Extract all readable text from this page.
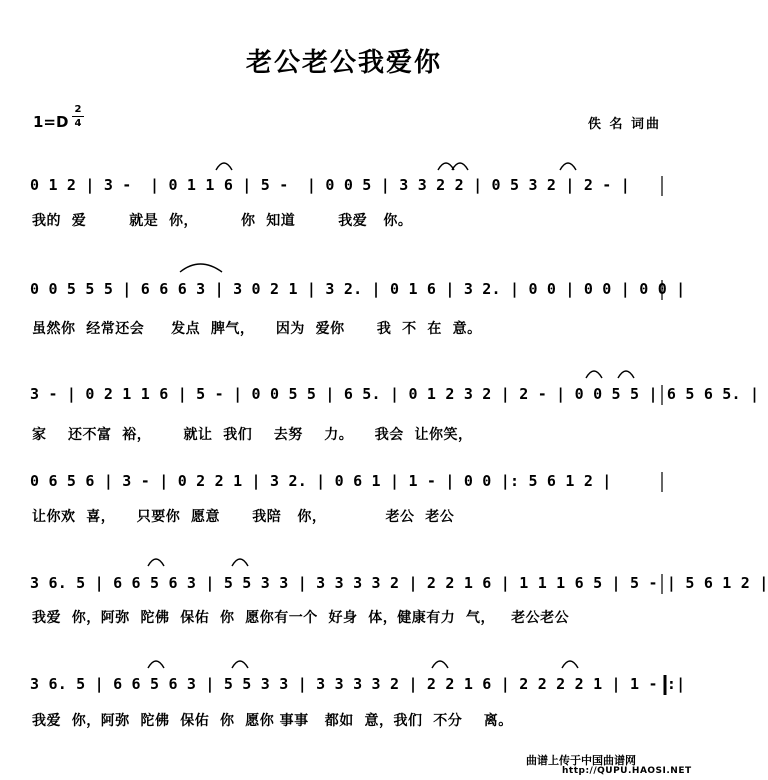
老公老公我爱你
1=D
2
4	佚 名 词曲
0 1 2 | 3 -  | 0 1 1 6 | 5 -  | 0 0 5 | 3 3 2 2 | 0 5 3 2 | 2 - |
我的  爱        就是  你，        你  知道        我爱   你。
0 0 5 5 5 | 6 6 6 3 | 3 0 2 1 | 3 2. | 0 1 6 | 3 2. | 0 0 | 0 0 | 0 0 |
虽然你  经常还会     发点  脾气，    因为  爱你      我  不  在  意。
3 - | 0 2 1 1 6 | 5 - | 0 0 5 5 | 6 5. | 0 1 2 3 2 | 2 - | 0 0 5 5 | 6 5 6 5. |
家    还不富  裕，      就让  我们    去努    力。    我会  让你笑，
0 6 5 6 | 3 - | 0 2 2 1 | 3 2. | 0 6 1 | 1 - | 0 0 |: 5 6 1 2 |
让你欢  喜，    只要你  愿意      我陪   你，           老公  老公
3 6. 5 | 6 6 5 6 3 | 5 5 3 3 | 3 3 3 3 2 | 2 2 1 6 | 1 1 1 6 5 | 5 - | 5 6 1 2 |
我爱  你，阿弥  陀佛  保佑  你  愿你有一个  好身  体，健康有力  气，   老公老公
3 6. 5 | 6 6 5 6 3 | 5 5 3 3 | 3 3 3 3 2 | 2 2 1 6 | 2 2 2 2 1 | 1 - :|
我爱  你，阿弥  陀佛  保佑  你  愿你 事事   都如  意，我们  不分    离。
曲谱上传于中国曲谱网
http://QUPU.HAOSI.NET
